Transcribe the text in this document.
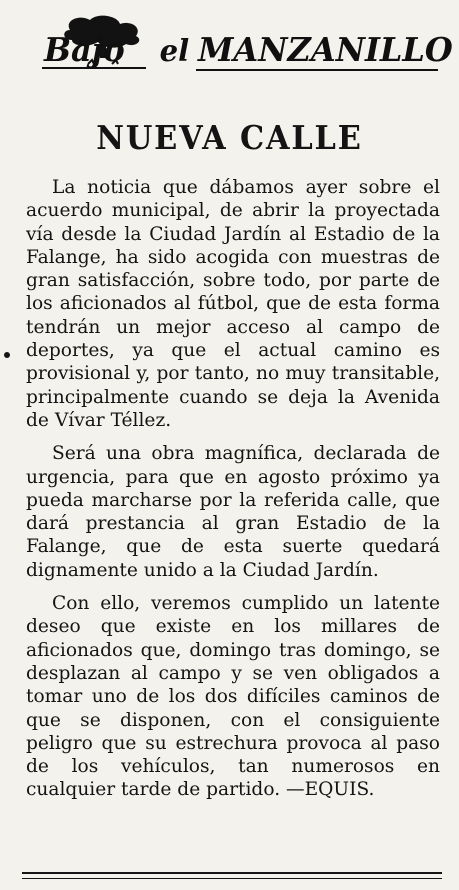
Bajo el MANZANILLO
NUEVA CALLE

La noticia que dábamos ayer sobre el acuerdo municipal, de abrir la proyectada vía desde la Ciudad Jardín al Estadio de la Falange, ha sido acogida con muestras de gran satisfacción, sobre todo, por parte de los aficionados al fútbol, que de esta forma tendrán un mejor acceso al campo de deportes, ya que el actual camino es provisional y, por tanto, no muy transitable, principalmente cuando se deja la Avenida de Vívar Téllez.

Será una obra magnífica, declarada de urgencia, para que en agosto próximo ya pueda marcharse por la referida calle, que dará prestancia al gran Estadio de la Falange, que de esta suerte quedará dignamente unido a la Ciudad Jardín.

Con ello, veremos cumplido un latente deseo que existe en los millares de aficionados que, domingo tras domingo, se desplazan al campo y se ven obligados a tomar uno de los dos difíciles caminos de que se disponen, con el consiguiente peligro que su estrechura provoca al paso de los vehículos, tan numerosos en cualquier tarde de partido. —EQUIS.
